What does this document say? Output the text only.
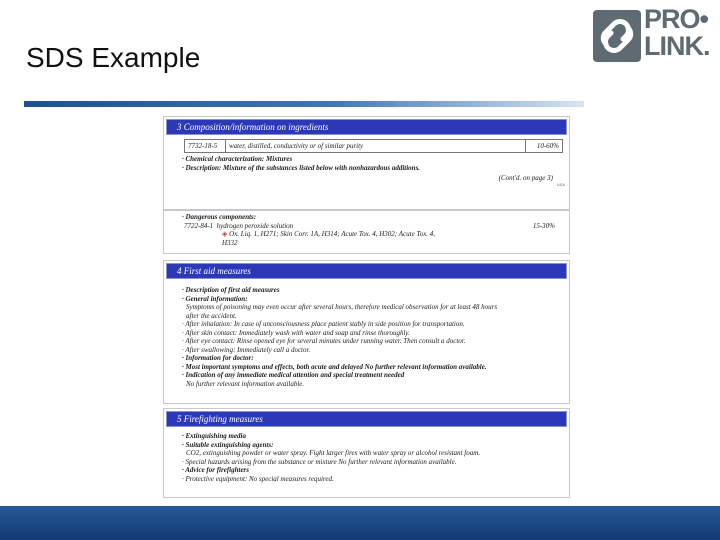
SDS Example
PRO•
LINK.
3 Composition/information on ingredients
7732-18-5	water, distilled, conductivity or of similar purity	10-60%
· Chemical characterization: Mixtures
· Description: Mixture of the substances listed below with nonhazardous additions.
(Cont'd. on page 3)
USA
· Dangerous components:
7722-84-1 hydrogen peroxide solution	15-30%
◈ Ox. Liq. 1, H271; Skin Corr. 1A, H314; Acute Tox. 4, H302; Acute Tox. 4,
H332
4 First aid measures
· Description of first aid measures
· General information:
Symptoms of poisoning may even occur after several hours, therefore medical observation for at least 48 hours
after the accident.
· After inhalation: In case of unconsciousness place patient stably in side position for transportation.
· After skin contact: Immediately wash with water and soap and rinse thoroughly.
· After eye contact: Rinse opened eye for several minutes under running water. Then consult a doctor.
· After swallowing: Immediately call a doctor.
· Information for doctor:
· Most important symptoms and effects, both acute and delayed No further relevant information available.
· Indication of any immediate medical attention and special treatment needed
No further relevant information available.
5 Firefighting measures
· Extinguishing media
· Suitable extinguishing agents:
CO2, extinguishing powder or water spray. Fight larger fires with water spray or alcohol resistant foam.
· Special hazards arising from the substance or mixture No further relevant information available.
· Advice for firefighters
· Protective equipment: No special measures required.
